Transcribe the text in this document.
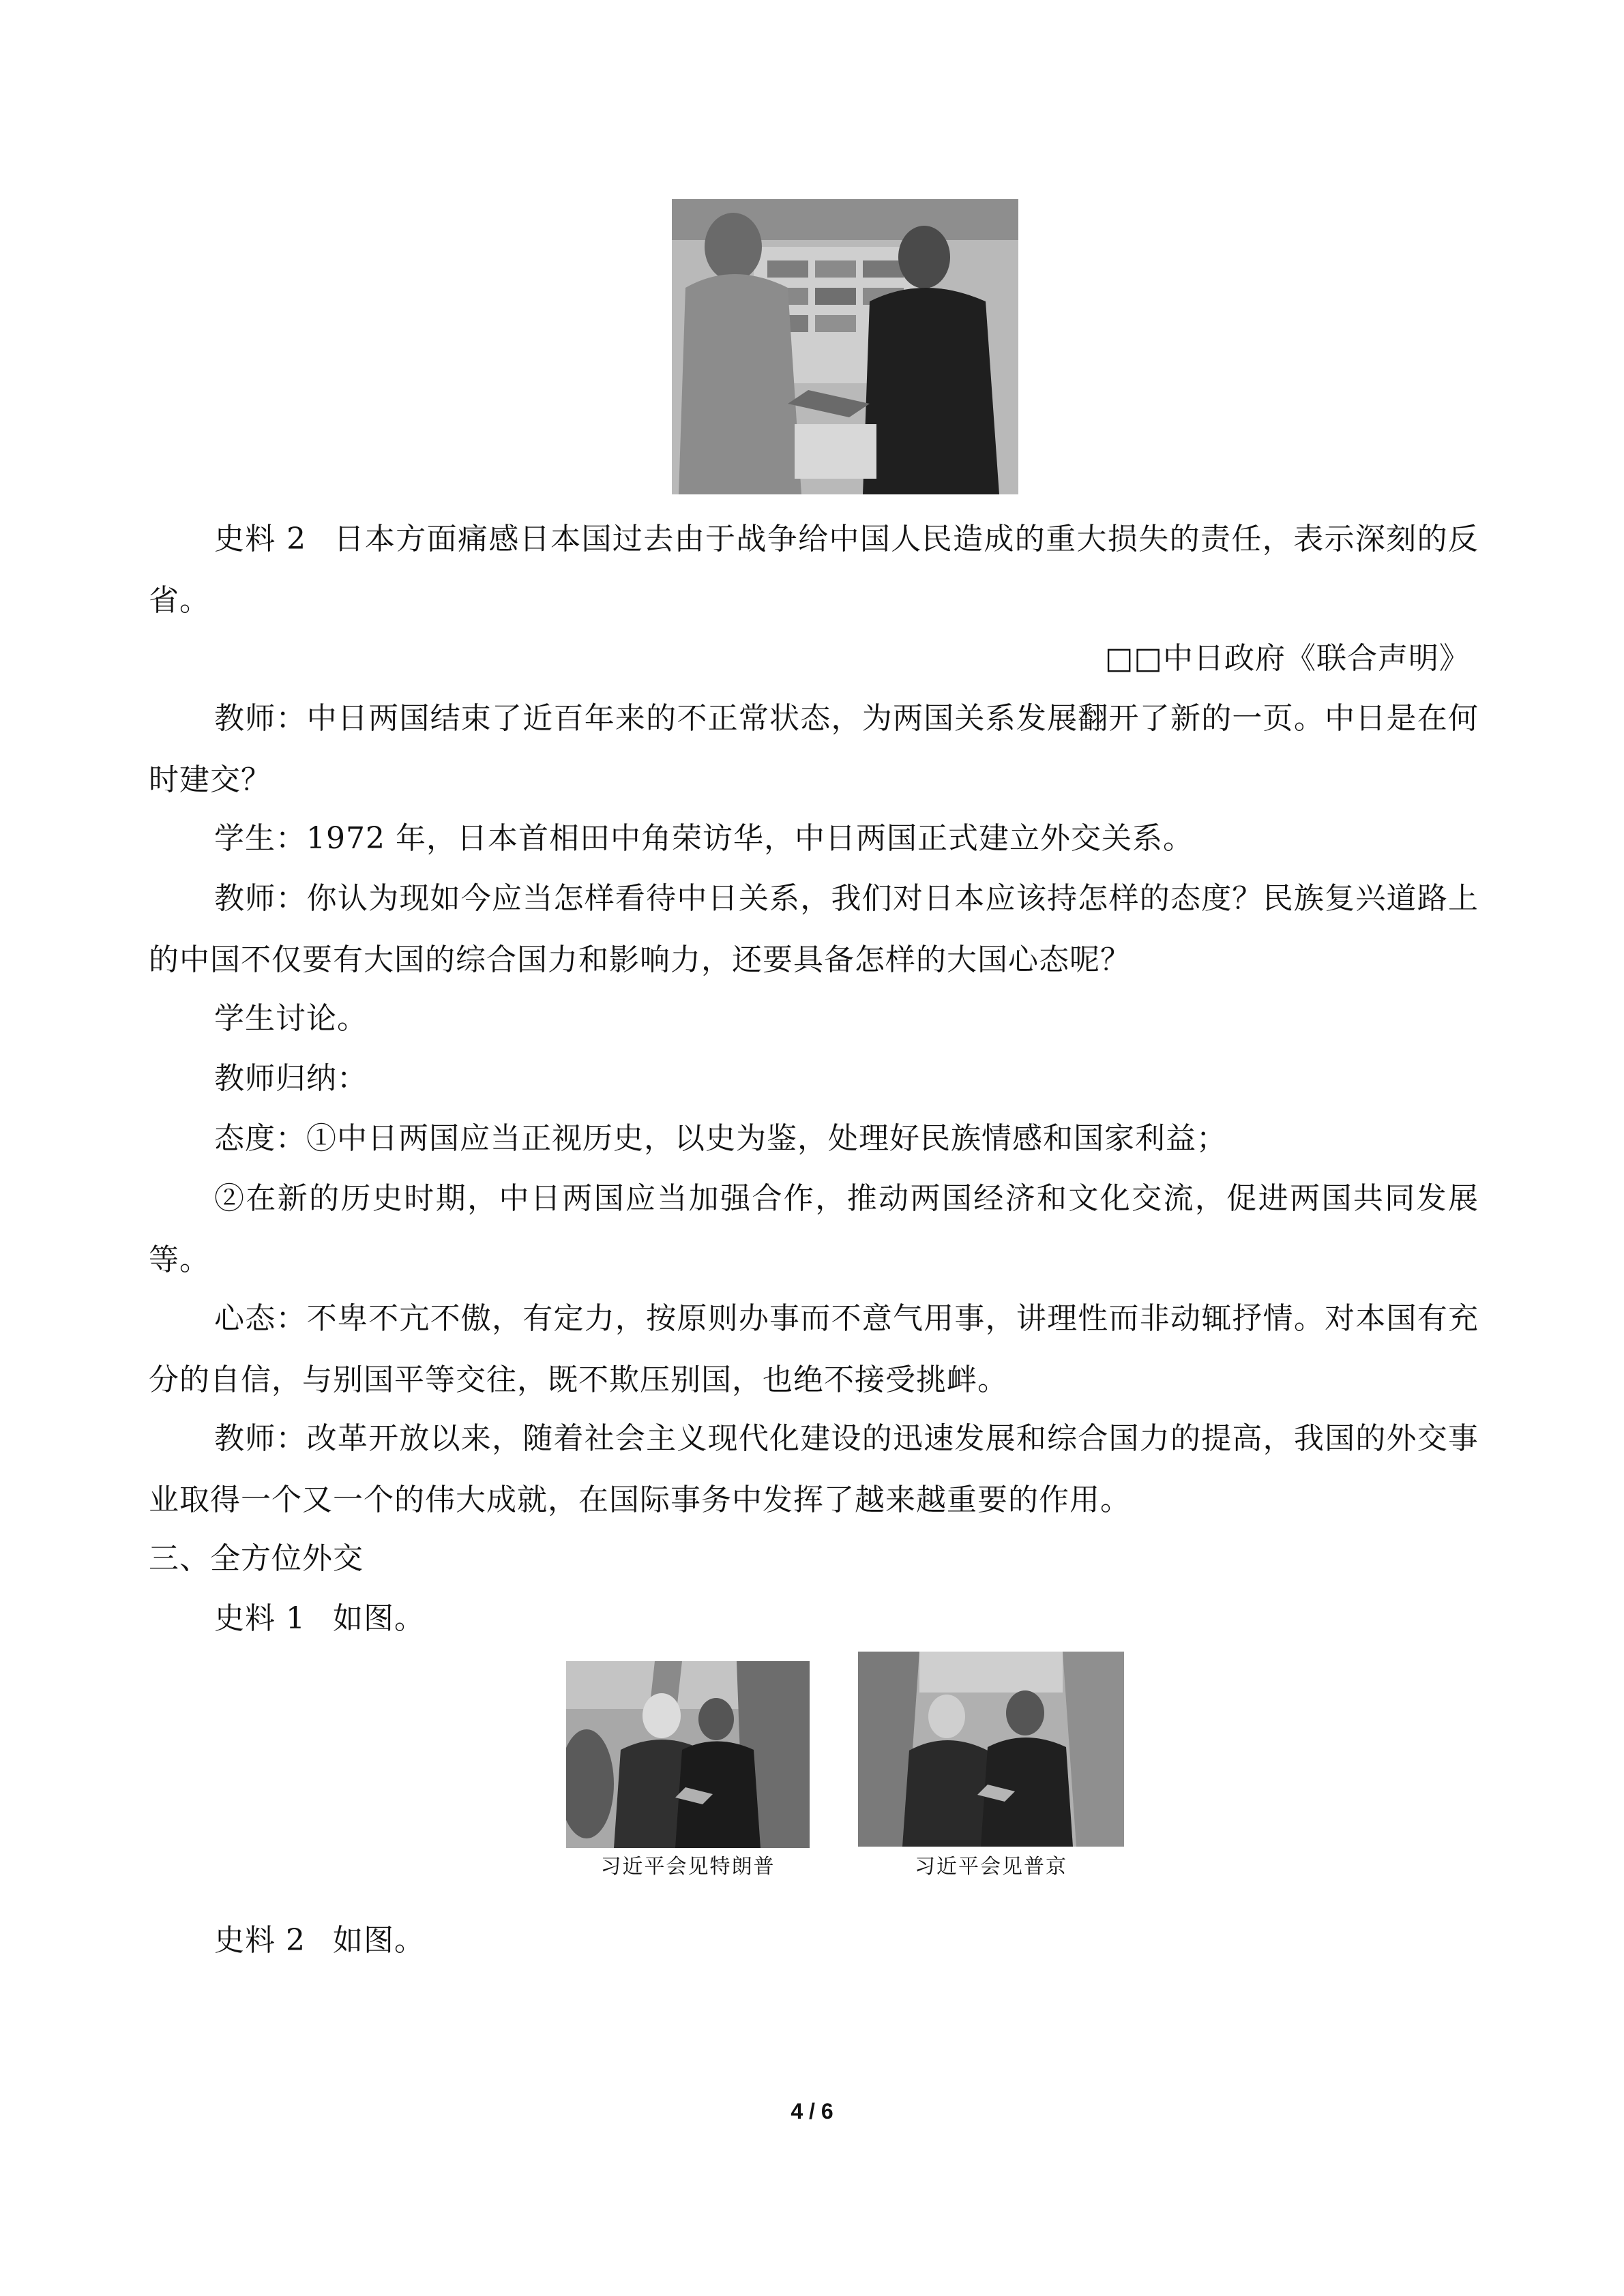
史料 2 日本方面痛感日本国过去由于战争给中国人民造成的重大损失的责任，表示深刻的反省。

□□中日政府《联合声明》

教师：中日两国结束了近百年来的不正常状态，为两国关系发展翻开了新的一页。中日是在何时建交？

学生：1972 年，日本首相田中角荣访华，中日两国正式建立外交关系。

教师：你认为现如今应当怎样看待中日关系，我们对日本应该持怎样的态度？民族复兴道路上的中国不仅要有大国的综合国力和影响力，还要具备怎样的大国心态呢？

学生讨论。

教师归纳：

态度：①中日两国应当正视历史，以史为鉴，处理好民族情感和国家利益；

②在新的历史时期，中日两国应当加强合作，推动两国经济和文化交流，促进两国共同发展等。

心态：不卑不亢不傲，有定力，按原则办事而不意气用事，讲理性而非动辄抒情。对本国有充分的自信，与别国平等交往，既不欺压别国，也绝不接受挑衅。

教师：改革开放以来，随着社会主义现代化建设的迅速发展和综合国力的提高，我国的外交事业取得一个又一个的伟大成就，在国际事务中发挥了越来越重要的作用。

三、全方位外交

史料 1 如图。

习近平会见特朗普	习近平会见普京

史料 2 如图。

4 / 6
